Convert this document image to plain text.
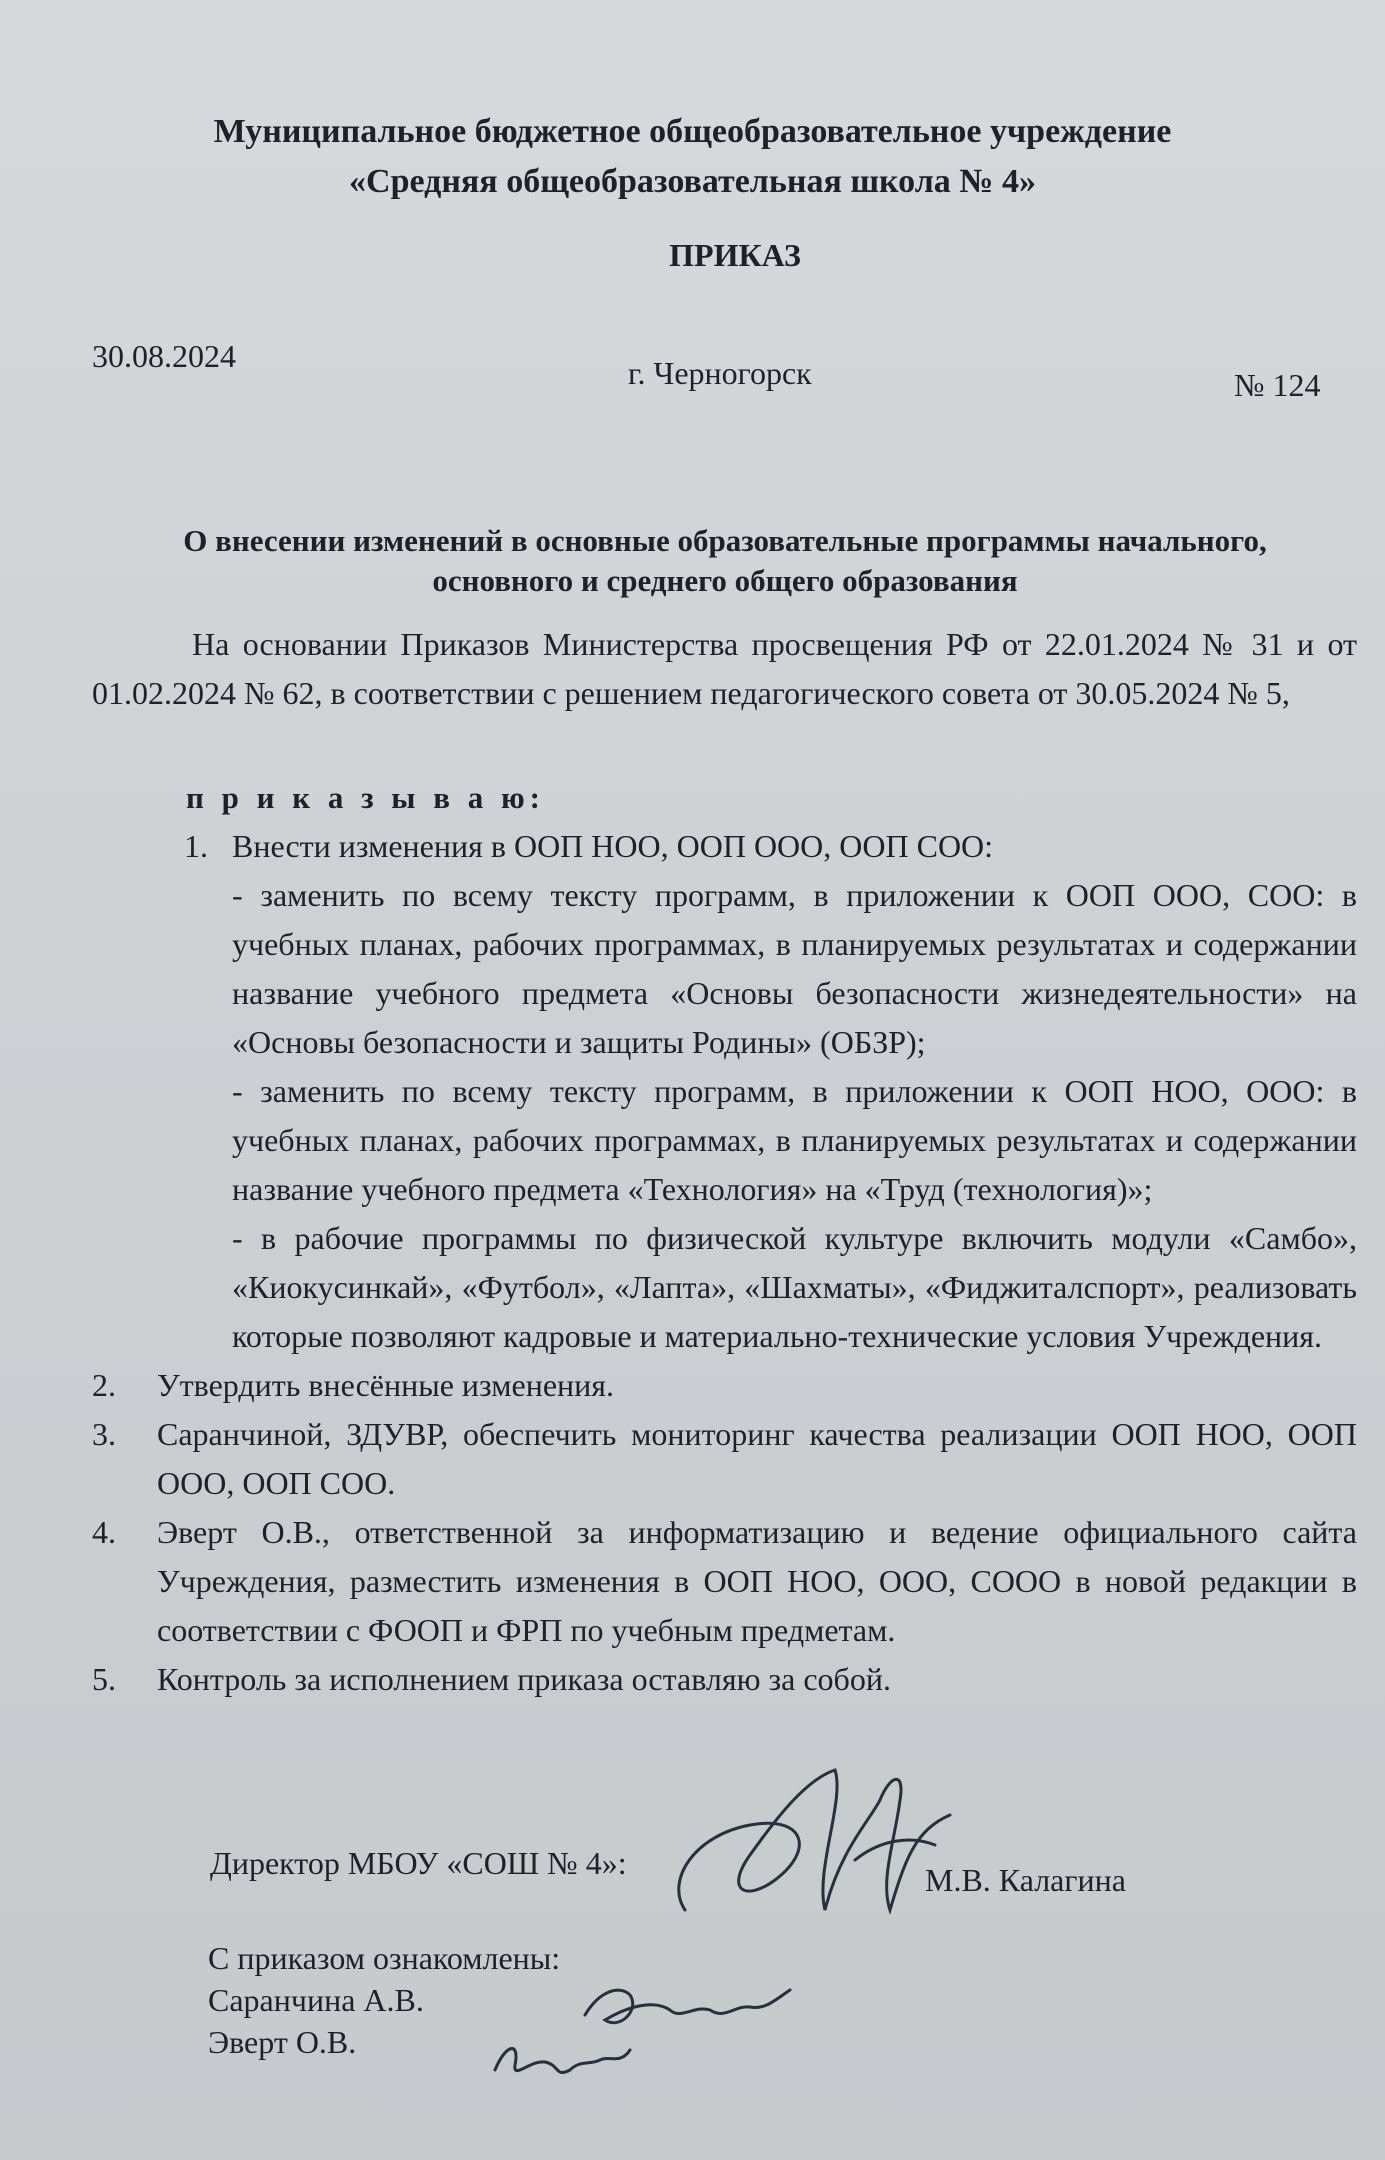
Муниципальное бюджетное общеобразовательное учреждение
«Средняя общеобразовательная школа № 4»
ПРИКАЗ
30.08.2024	г. Черногорск	№ 124
О внесении изменений в основные образовательные программы начального,
основного и среднего общего образования

На основании Приказов Министерства просвещения РФ от 22.01.2024 № 31 и от 01.02.2024 № 62, в соответствии с решением педагогического совета от 30.05.2024 № 5,

п р и к а з ы в а ю:
1. Внести изменения в ООП НОО, ООП ООО, ООП СОО:
- заменить по всему тексту программ, в приложении к ООП ООО, СОО: в учебных планах, рабочих программах, в планируемых результатах и содержании название учебного предмета «Основы безопасности жизнедеятельности» на «Основы безопасности и защиты Родины» (ОБЗР);
- заменить по всему тексту программ, в приложении к ООП НОО, ООО: в учебных планах, рабочих программах, в планируемых результатах и содержании название учебного предмета «Технология» на «Труд (технология)»;
- в рабочие программы по физической культуре включить модули «Самбо», «Киокусинкай», «Футбол», «Лапта», «Шахматы», «Фиджиталспорт», реализовать которые позволяют кадровые и материально-технические условия Учреждения.
2. Утвердить внесённые изменения.
3. Саранчиной, ЗДУВР, обеспечить мониторинг качества реализации ООП НОО, ООП ООО, ООП СОО.
4. Эверт О.В., ответственной за информатизацию и ведение официального сайта Учреждения, разместить изменения в ООП НОО, ООО, СООО в новой редакции в соответствии с ФООП и ФРП по учебным предметам.
5. Контроль за исполнением приказа оставляю за собой.
Директор МБОУ «СОШ № 4»:	М.В. Калагина
С приказом ознакомлены:
Саранчина А.В.
Эверт О.В.
